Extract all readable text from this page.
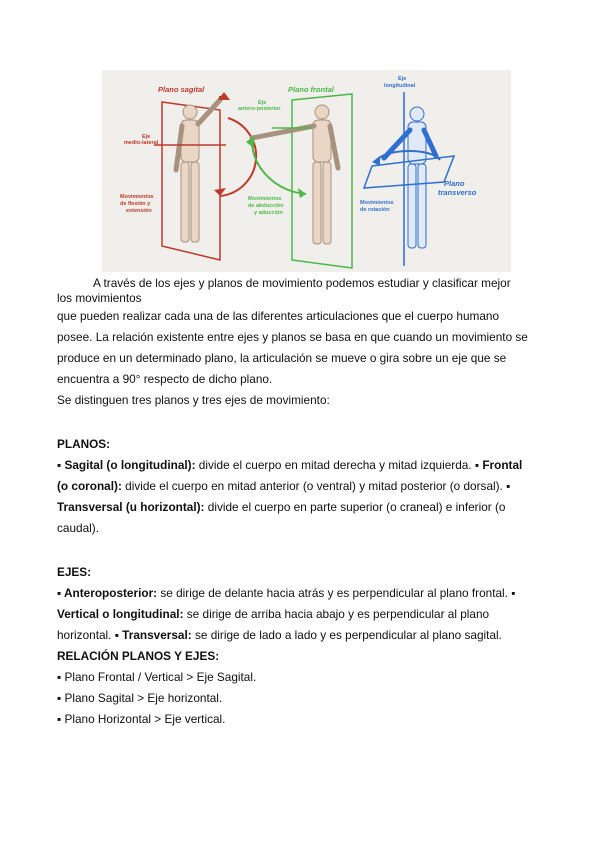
Plano sagital
Eje
medio-lateral
Movimientos
de flexión y
extensión
Plano frontal
Eje
antero-posterior
Movimientos
de abducción
y aducción
Eje
longitudinal
Plano
transverso
Movimientos
de rotación

A través de los ejes y planos de movimiento podemos estudiar y clasificar mejor

los movimientos

que pueden realizar cada una de las diferentes articulaciones que el cuerpo humano

posee. La relación existente entre ejes y planos se basa en que cuando un movimiento se

produce en un determinado plano, la articulación se mueve o gira sobre un eje que se

encuentra a 90° respecto de dicho plano.

Se distinguen tres planos y tres ejes de movimiento:

PLANOS:

▪ Sagital (o longitudinal): divide el cuerpo en mitad derecha y mitad izquierda. ▪ Frontal

(o coronal): divide el cuerpo en mitad anterior (o ventral) y mitad posterior (o dorsal). ▪

Transversal (u horizontal): divide el cuerpo en parte superior (o craneal) e inferior (o

caudal).

EJES:

▪ Anteroposterior: se dirige de delante hacia atrás y es perpendicular al plano frontal. ▪

Vertical o longitudinal: se dirige de arriba hacia abajo y es perpendicular al plano

horizontal. ▪ Transversal: se dirige de lado a lado y es perpendicular al plano sagital.

RELACIÓN PLANOS Y EJES:

▪ Plano Frontal / Vertical > Eje Sagital.

▪ Plano Sagital > Eje horizontal.

▪ Plano Horizontal > Eje vertical.
